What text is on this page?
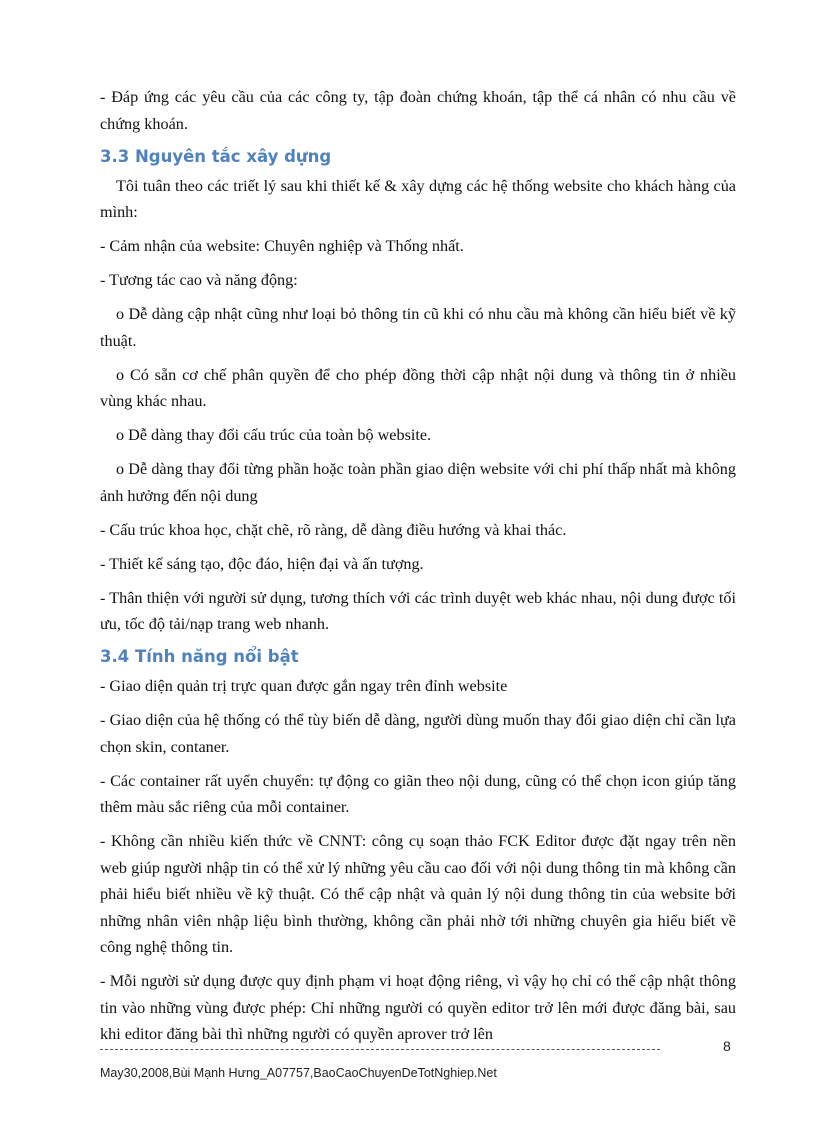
- Đáp ứng các yêu cầu của các công ty, tập đoàn chứng khoán, tập thể cá nhân có nhu cầu về chứng khoán.

3.3 Nguyên tắc xây dựng

Tôi tuân theo các triết lý sau khi thiết kế & xây dựng các hệ thống website cho khách hàng của mình:

- Cảm nhận của website: Chuyên nghiệp và Thống nhất.

- Tương tác cao và năng động:

o Dễ dàng cập nhật cũng như loại bỏ thông tin cũ khi có nhu cầu mà không cần hiểu biết về kỹ thuật.

o Có sẵn cơ chế phân quyền để cho phép đồng thời cập nhật nội dung và thông tin ở nhiều vùng khác nhau.

o Dễ dàng thay đổi cấu trúc của toàn bộ website.

o Dễ dàng thay đổi từng phần hoặc toàn phần giao diện website với chi phí thấp nhất mà không ảnh hưởng đến nội dung

- Cấu trúc khoa học, chặt chẽ, rõ ràng, dễ dàng điều hướng và khai thác.

- Thiết kế sáng tạo, độc đáo, hiện đại và ấn tượng.

- Thân thiện với người sử dụng, tương thích với các trình duyệt web khác nhau, nội dung được tối ưu, tốc độ tải/nạp trang web nhanh.

3.4 Tính năng nổi bật

- Giao diện quản trị trực quan được gắn ngay trên đỉnh website

- Giao diện của hệ thống có thể tùy biến dễ dàng, người dùng muốn thay đổi giao diện chỉ cần lựa chọn skin, contaner.

- Các container rất uyển chuyển: tự động co giãn theo nội dung, cũng có thể chọn icon giúp tăng thêm màu sắc riêng của mỗi container.

- Không cần nhiều kiến thức về CNNT: công cụ soạn thảo FCK Editor được đặt ngay trên nền web giúp người nhập tin có thể xử lý những yêu cầu cao đối với nội dung thông tin mà không cần phải hiểu biết nhiều về kỹ thuật. Có thể cập nhật và quản lý nội dung thông tin của website bởi những nhân viên nhập liệu bình thường, không cần phải nhờ tới những chuyên gia hiểu biết về công nghệ thông tin.

- Mỗi người sử dụng được quy định phạm vi hoạt động riêng, vì vậy họ chỉ có thể cập nhật thông tin vào những vùng được phép: Chỉ những người có quyền editor trở lên mới được đăng bài, sau khi editor đăng bài thì những người có quyền aprover trở lên

8
May30,2008,Bùi Mạnh Hưng_A07757,BaoCaoChuyenDeTotNghiep.Net
